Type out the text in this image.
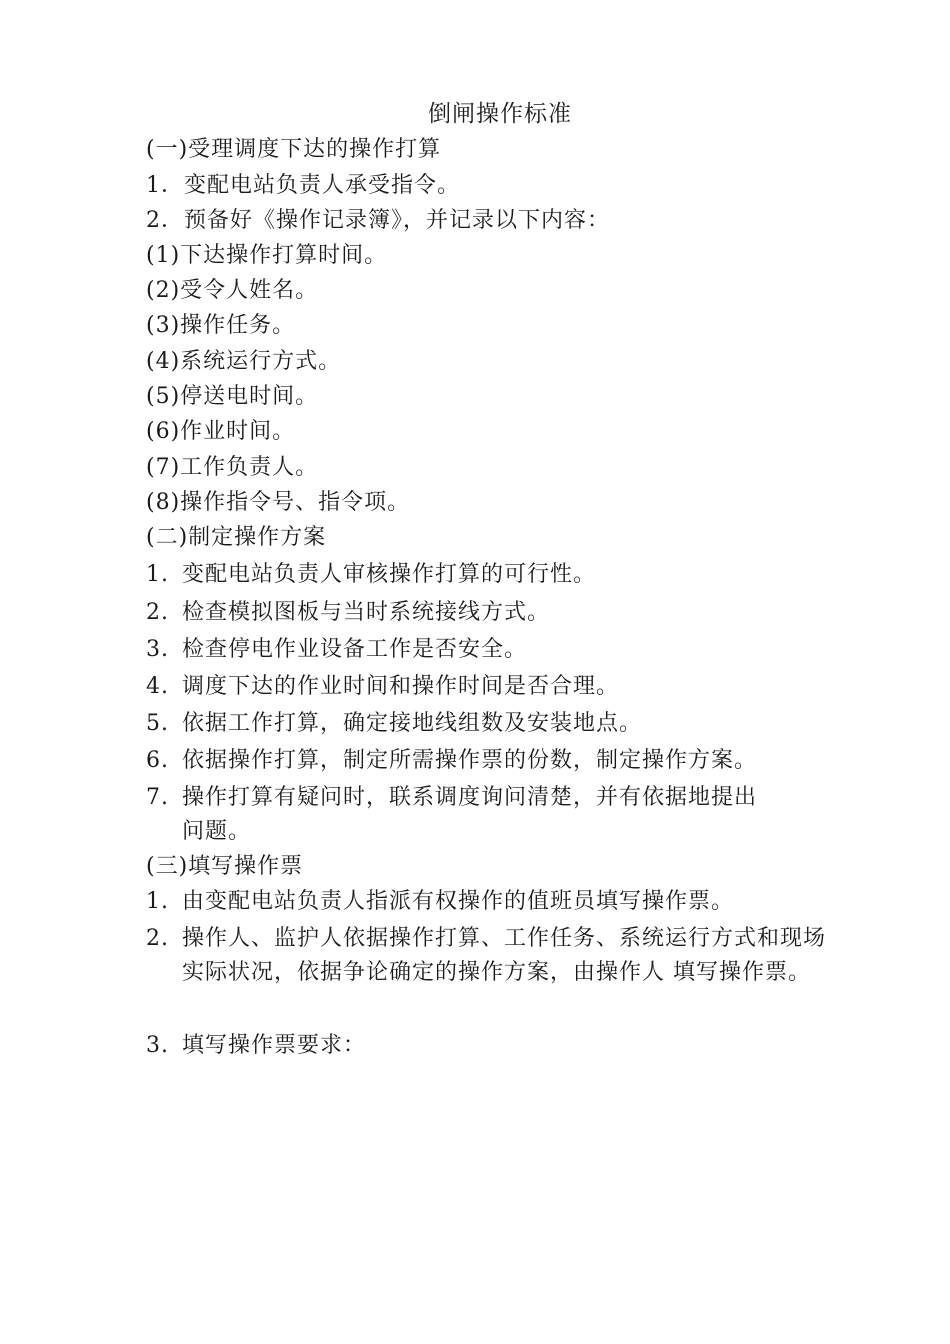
倒闸操作标准
(一)受理调度下达的操作打算
1．变配电站负责人承受指令。
2．预备好《操作记录簿》，并记录以下内容：
(1)下达操作打算时间。
(2)受令人姓名。
(3)操作任务。
(4)系统运行方式。
(5)停送电时间。
(6)作业时间。
(7)工作负责人。
(8)操作指令号、指令项。
(二)制定操作方案
1. 变配电站负责人审核操作打算的可行性。
2. 检查模拟图板与当时系统接线方式。
3. 检查停电作业设备工作是否安全。
4. 调度下达的作业时间和操作时间是否合理。
5. 依据工作打算，确定接地线组数及安装地点。
6. 依据操作打算，制定所需操作票的份数，制定操作方案。
7. 操作打算有疑问时，联系调度询问清楚，并有依据地提出问题。
(三)填写操作票
1. 由变配电站负责人指派有权操作的值班员填写操作票。
2. 操作人、监护人依据操作打算、工作任务、系统运行方式和现场实际状况，依据争论确定的操作方案，由操作人 填写操作票。
3. 填写操作票要求：
